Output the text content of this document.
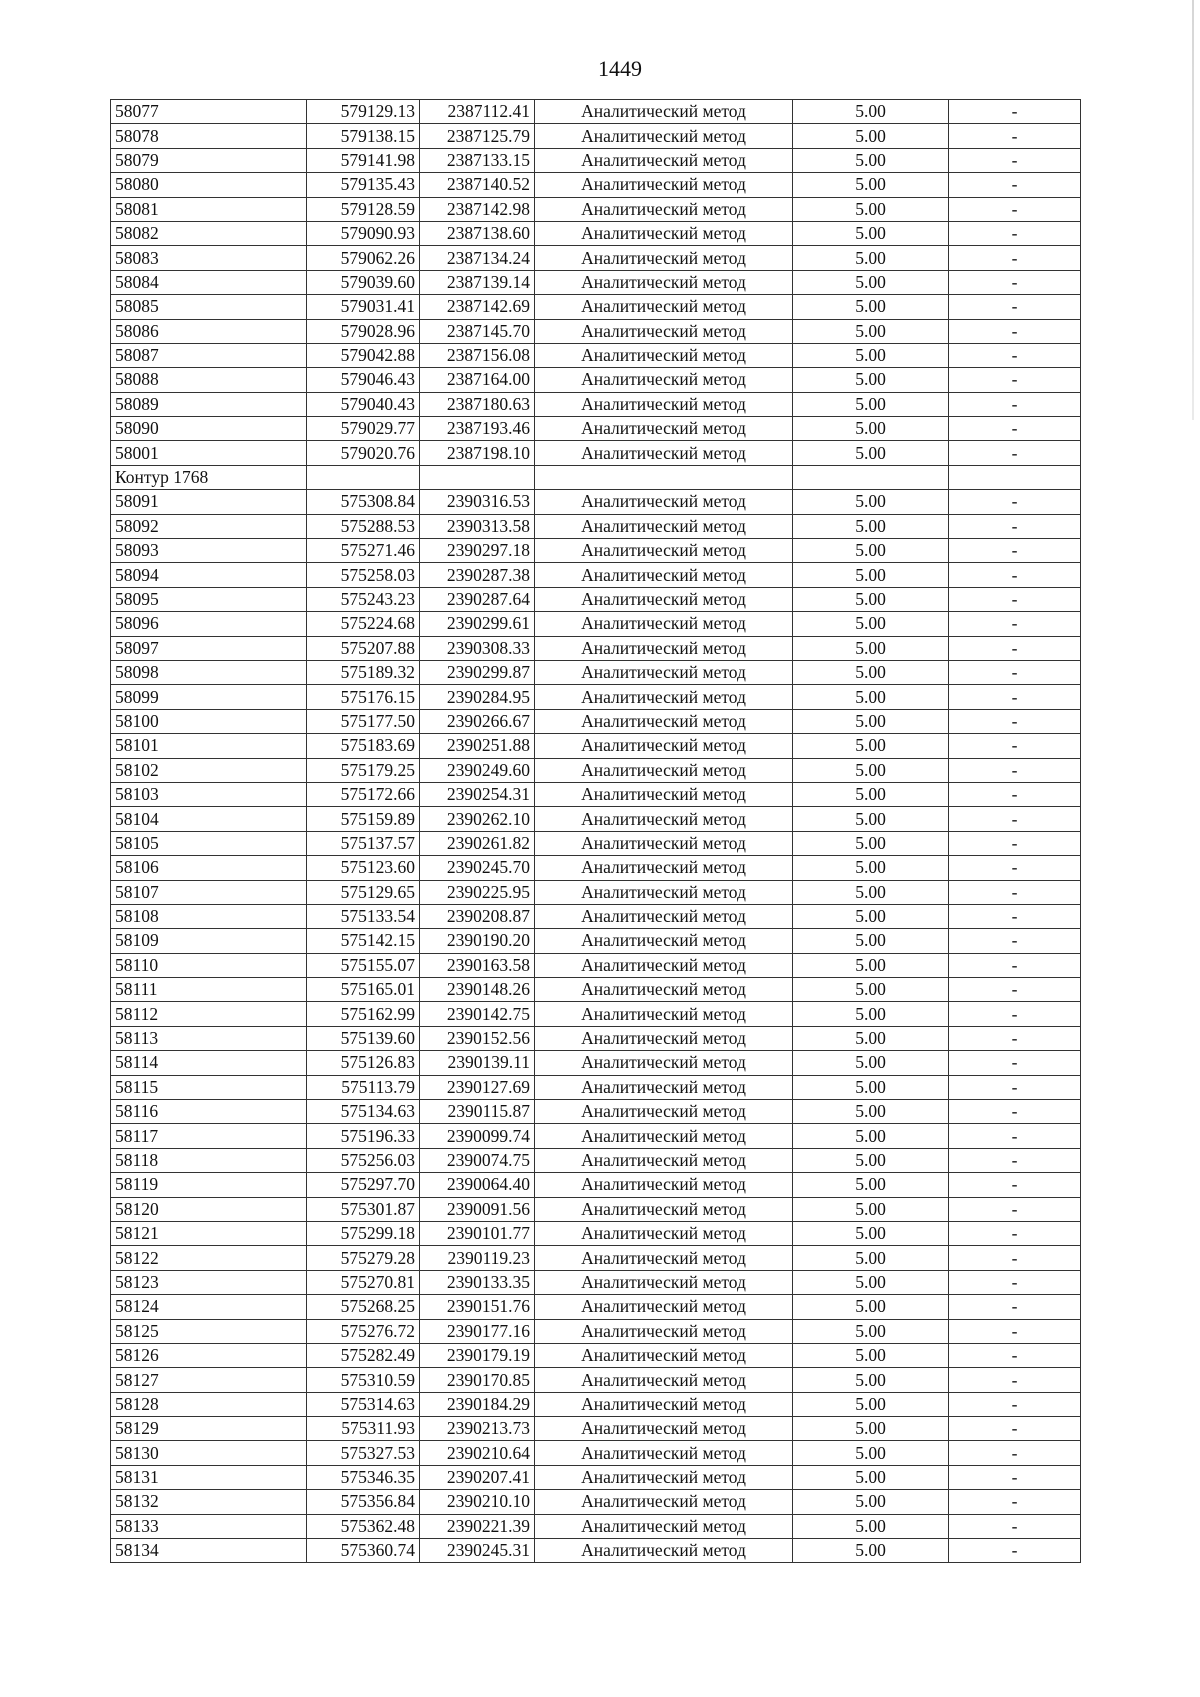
1449
58077	579129.13	2387112.41	Аналитический метод	5.00	-
58078	579138.15	2387125.79	Аналитический метод	5.00	-
58079	579141.98	2387133.15	Аналитический метод	5.00	-
58080	579135.43	2387140.52	Аналитический метод	5.00	-
58081	579128.59	2387142.98	Аналитический метод	5.00	-
58082	579090.93	2387138.60	Аналитический метод	5.00	-
58083	579062.26	2387134.24	Аналитический метод	5.00	-
58084	579039.60	2387139.14	Аналитический метод	5.00	-
58085	579031.41	2387142.69	Аналитический метод	5.00	-
58086	579028.96	2387145.70	Аналитический метод	5.00	-
58087	579042.88	2387156.08	Аналитический метод	5.00	-
58088	579046.43	2387164.00	Аналитический метод	5.00	-
58089	579040.43	2387180.63	Аналитический метод	5.00	-
58090	579029.77	2387193.46	Аналитический метод	5.00	-
58001	579020.76	2387198.10	Аналитический метод	5.00	-
Контур 1768					
58091	575308.84	2390316.53	Аналитический метод	5.00	-
58092	575288.53	2390313.58	Аналитический метод	5.00	-
58093	575271.46	2390297.18	Аналитический метод	5.00	-
58094	575258.03	2390287.38	Аналитический метод	5.00	-
58095	575243.23	2390287.64	Аналитический метод	5.00	-
58096	575224.68	2390299.61	Аналитический метод	5.00	-
58097	575207.88	2390308.33	Аналитический метод	5.00	-
58098	575189.32	2390299.87	Аналитический метод	5.00	-
58099	575176.15	2390284.95	Аналитический метод	5.00	-
58100	575177.50	2390266.67	Аналитический метод	5.00	-
58101	575183.69	2390251.88	Аналитический метод	5.00	-
58102	575179.25	2390249.60	Аналитический метод	5.00	-
58103	575172.66	2390254.31	Аналитический метод	5.00	-
58104	575159.89	2390262.10	Аналитический метод	5.00	-
58105	575137.57	2390261.82	Аналитический метод	5.00	-
58106	575123.60	2390245.70	Аналитический метод	5.00	-
58107	575129.65	2390225.95	Аналитический метод	5.00	-
58108	575133.54	2390208.87	Аналитический метод	5.00	-
58109	575142.15	2390190.20	Аналитический метод	5.00	-
58110	575155.07	2390163.58	Аналитический метод	5.00	-
58111	575165.01	2390148.26	Аналитический метод	5.00	-
58112	575162.99	2390142.75	Аналитический метод	5.00	-
58113	575139.60	2390152.56	Аналитический метод	5.00	-
58114	575126.83	2390139.11	Аналитический метод	5.00	-
58115	575113.79	2390127.69	Аналитический метод	5.00	-
58116	575134.63	2390115.87	Аналитический метод	5.00	-
58117	575196.33	2390099.74	Аналитический метод	5.00	-
58118	575256.03	2390074.75	Аналитический метод	5.00	-
58119	575297.70	2390064.40	Аналитический метод	5.00	-
58120	575301.87	2390091.56	Аналитический метод	5.00	-
58121	575299.18	2390101.77	Аналитический метод	5.00	-
58122	575279.28	2390119.23	Аналитический метод	5.00	-
58123	575270.81	2390133.35	Аналитический метод	5.00	-
58124	575268.25	2390151.76	Аналитический метод	5.00	-
58125	575276.72	2390177.16	Аналитический метод	5.00	-
58126	575282.49	2390179.19	Аналитический метод	5.00	-
58127	575310.59	2390170.85	Аналитический метод	5.00	-
58128	575314.63	2390184.29	Аналитический метод	5.00	-
58129	575311.93	2390213.73	Аналитический метод	5.00	-
58130	575327.53	2390210.64	Аналитический метод	5.00	-
58131	575346.35	2390207.41	Аналитический метод	5.00	-
58132	575356.84	2390210.10	Аналитический метод	5.00	-
58133	575362.48	2390221.39	Аналитический метод	5.00	-
58134	575360.74	2390245.31	Аналитический метод	5.00	-
